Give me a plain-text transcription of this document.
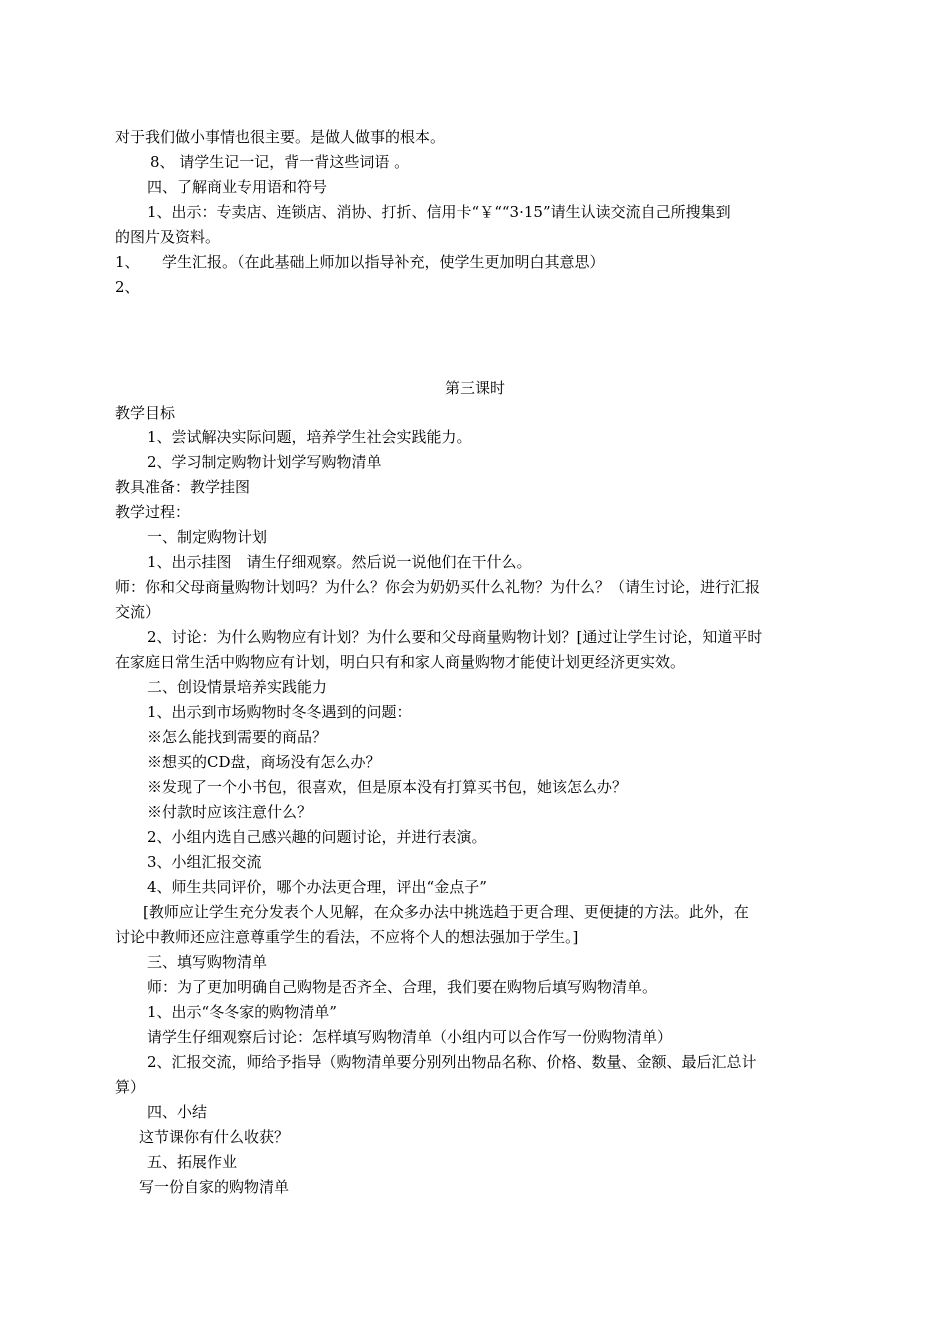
对于我们做小事情也很主要。是做人做事的根本。

8、 请学生记一记，背一背这些词语 。

四、了解商业专用语和符号

1、出示：专卖店、连锁店、消协、打折、信用卡“￥““3·15”请生认读交流自己所搜集到

的图片及资料。

1、　　学生汇报。（在此基础上师加以指导补充，使学生更加明白其意思）

2、

第三课时

教学目标

1、尝试解决实际问题，培养学生社会实践能力。

2、学习制定购物计划学写购物清单

教具准备：教学挂图

教学过程：

一、制定购物计划

1、出示挂图　请生仔细观察。然后说一说他们在干什么。

师：你和父母商量购物计划吗？为什么？你会为奶奶买什么礼物？为什么？（请生讨论，进行汇报

交流）

2、讨论：为什么购物应有计划？为什么要和父母商量购物计划？[通过让学生讨论，知道平时

在家庭日常生活中购物应有计划，明白只有和家人商量购物才能使计划更经济更实效。

二、创设情景培养实践能力

1、出示到市场购物时冬冬遇到的问题：

※怎么能找到需要的商品？

※想买的CD盘，商场没有怎么办？

※发现了一个小书包，很喜欢，但是原本没有打算买书包，她该怎么办？

※付款时应该注意什么？

2、小组内选自己感兴趣的问题讨论，并进行表演。

3、小组汇报交流

4、师生共同评价，哪个办法更合理，评出“金点子”

[教师应让学生充分发表个人见解，在众多办法中挑选趋于更合理、更便捷的方法。此外，在

讨论中教师还应注意尊重学生的看法，不应将个人的想法强加于学生。]

三、填写购物清单

师：为了更加明确自己购物是否齐全、合理，我们要在购物后填写购物清单。

1、出示“冬冬家的购物清单”

请学生仔细观察后讨论：怎样填写购物清单（小组内可以合作写一份购物清单）

2、汇报交流，师给予指导（购物清单要分别列出物品名称、价格、数量、金额、最后汇总计

算）

四、小结

这节课你有什么收获？

五、拓展作业

写一份自家的购物清单
